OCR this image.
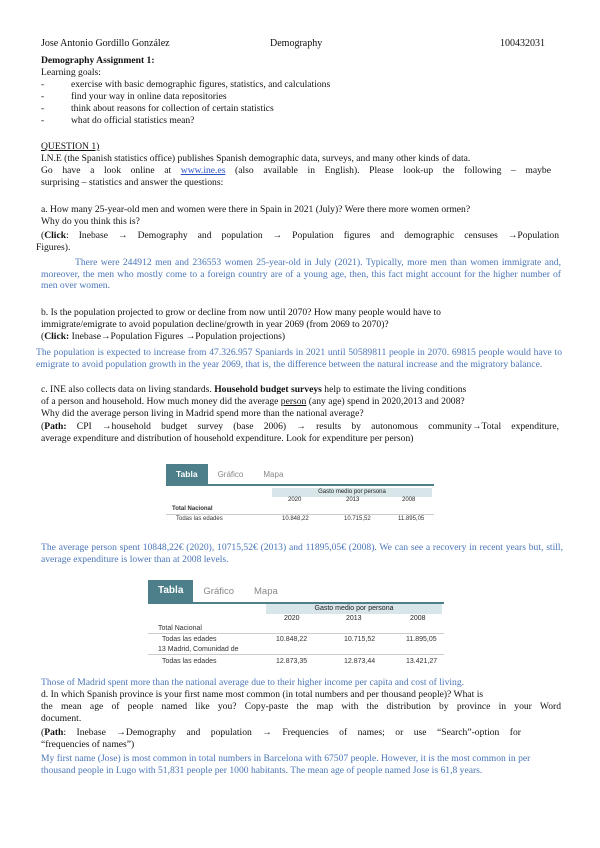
Jose Antonio Gordillo González	Demography	100432031
Demography Assignment 1:
Learning goals:
-	exercise with basic demographic figures, statistics, and calculations
-	find your way in online data repositories
-	think about reasons for collection of certain statistics
-	what do official statistics mean?
QUESTION 1)
I.N.E (the Spanish statistics office) publishes Spanish demographic data, surveys, and many other kinds of data.
Go have a look online at www.ine.es (also available in English). Please look-up the following – maybe
surprising – statistics and answer the questions:
a. How many 25-year-old men and women were there in Spain in 2021 (July)? Were there more women ormen?
Why do you think this is?
(Click: Inebase → Demography and population → Population figures and demographic censuses →Population
Figures).
There were 244912 men and 236553 women 25-year-old in July (2021). Typically, more men than women immigrate and, moreover, the men who mostly come to a foreign country are of a young age, then, this fact might account for the higher number of men over women.
b. Is the population projected to grow or decline from now until 2070? How many people would have to
immigrate/emigrate to avoid population decline/growth in year 2069 (from 2069 to 2070)?
(Click: Inebase→Population Figures →Population projections)
The population is expected to increase from 47.326.957 Spaniards in 2021 until 50589811 people in 2070. 69815 people would have to emigrate to avoid population growth in the year 2069, that is, the difference between the natural increase and the migratory balance.
c. INE also collects data on living standards. Household budget surveys help to estimate the living conditions
of a person and household. How much money did the average person (any age) spend in 2020,2013 and 2008?
Why did the average person living in Madrid spend more than the national average?
(Path: CPI →household budget survey (base 2006) → results by autonomous community→Total expenditure,
average expenditure and distribution of household expenditure. Look for expenditure per person)
Tabla	Gráfico	Mapa
Gasto medio por persona
2020	2013	2008
Total Nacional
Todas las edades	10.848,22	10.715,52	11.895,05
The average person spent 10848,22€ (2020), 10715,52€ (2013) and 11895,05€ (2008). We can see a recovery in recent years but, still, average expenditure is lower than at 2008 levels.
Tabla	Gráfico	Mapa
Gasto medio por persona
2020	2013	2008
Total Nacional
Todas las edades	10.848,22	10.715,52	11.895,05
13 Madrid, Comunidad de
Todas las edades	12.873,35	12.873,44	13.421,27
Those of Madrid spent more than the national average due to their higher income per capita and cost of living.
d. In which Spanish province is your first name most common (in total numbers and per thousand people)? What is
the mean age of people named like you? Copy-paste the map with the distribution by province in your Word
document.
(Path: Inebase →Demography and population → Frequencies of names; or use “Search”-option for
“frequencies of names”)
My first name (Jose) is most common in total numbers in Barcelona with 67507 people. However, it is the most common in per thousand people in Lugo with 51,831 people per 1000 habitants. The mean age of people named Jose is 61,8 years.
